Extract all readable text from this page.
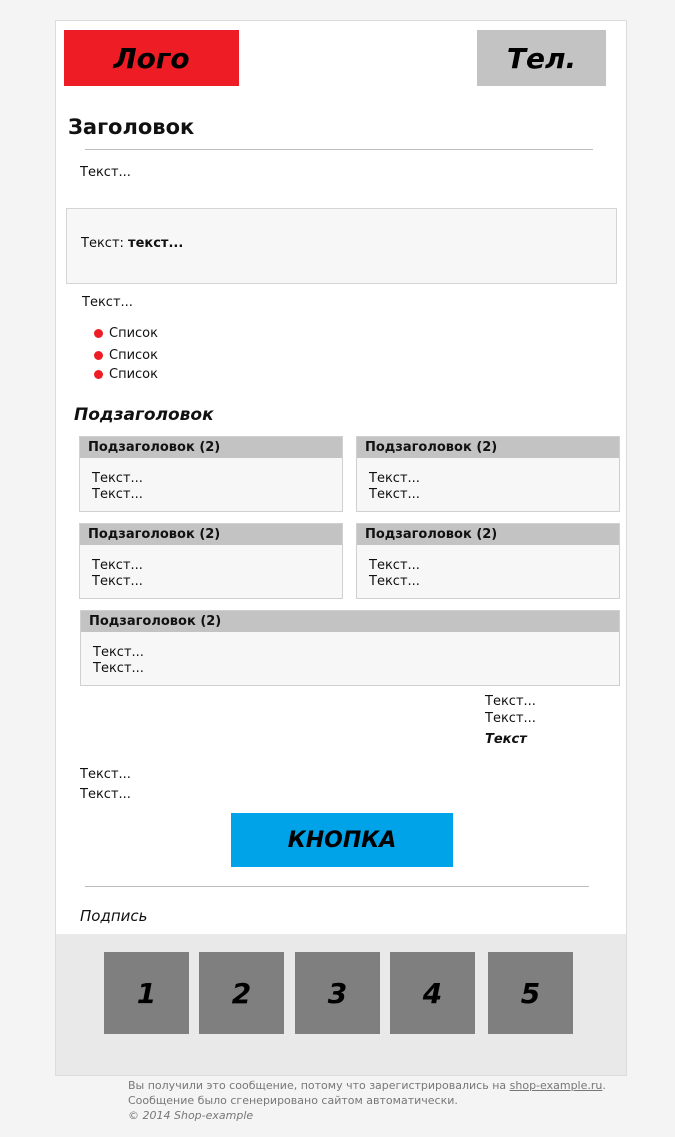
Лого	Тел.
Заголовок
Текст...
Текст: текст...
Текст...
Список
Список
Список
Подзаголовок
Подзаголовок (2)
Текст...
Текст...
Подзаголовок (2)
Текст...
Текст...
Подзаголовок (2)
Текст...
Текст...
Подзаголовок (2)
Текст...
Текст...
Подзаголовок (2)
Текст...
Текст...
Текст...
Текст...
Текст
Текст...
Текст...
КНОПКА
Подпись
1	2	3	4	5
Вы получили это сообщение, потому что зарегистрировались на shop-example.ru.
Сообщение было сгенерировано сайтом автоматически.
© 2014 Shop-example
